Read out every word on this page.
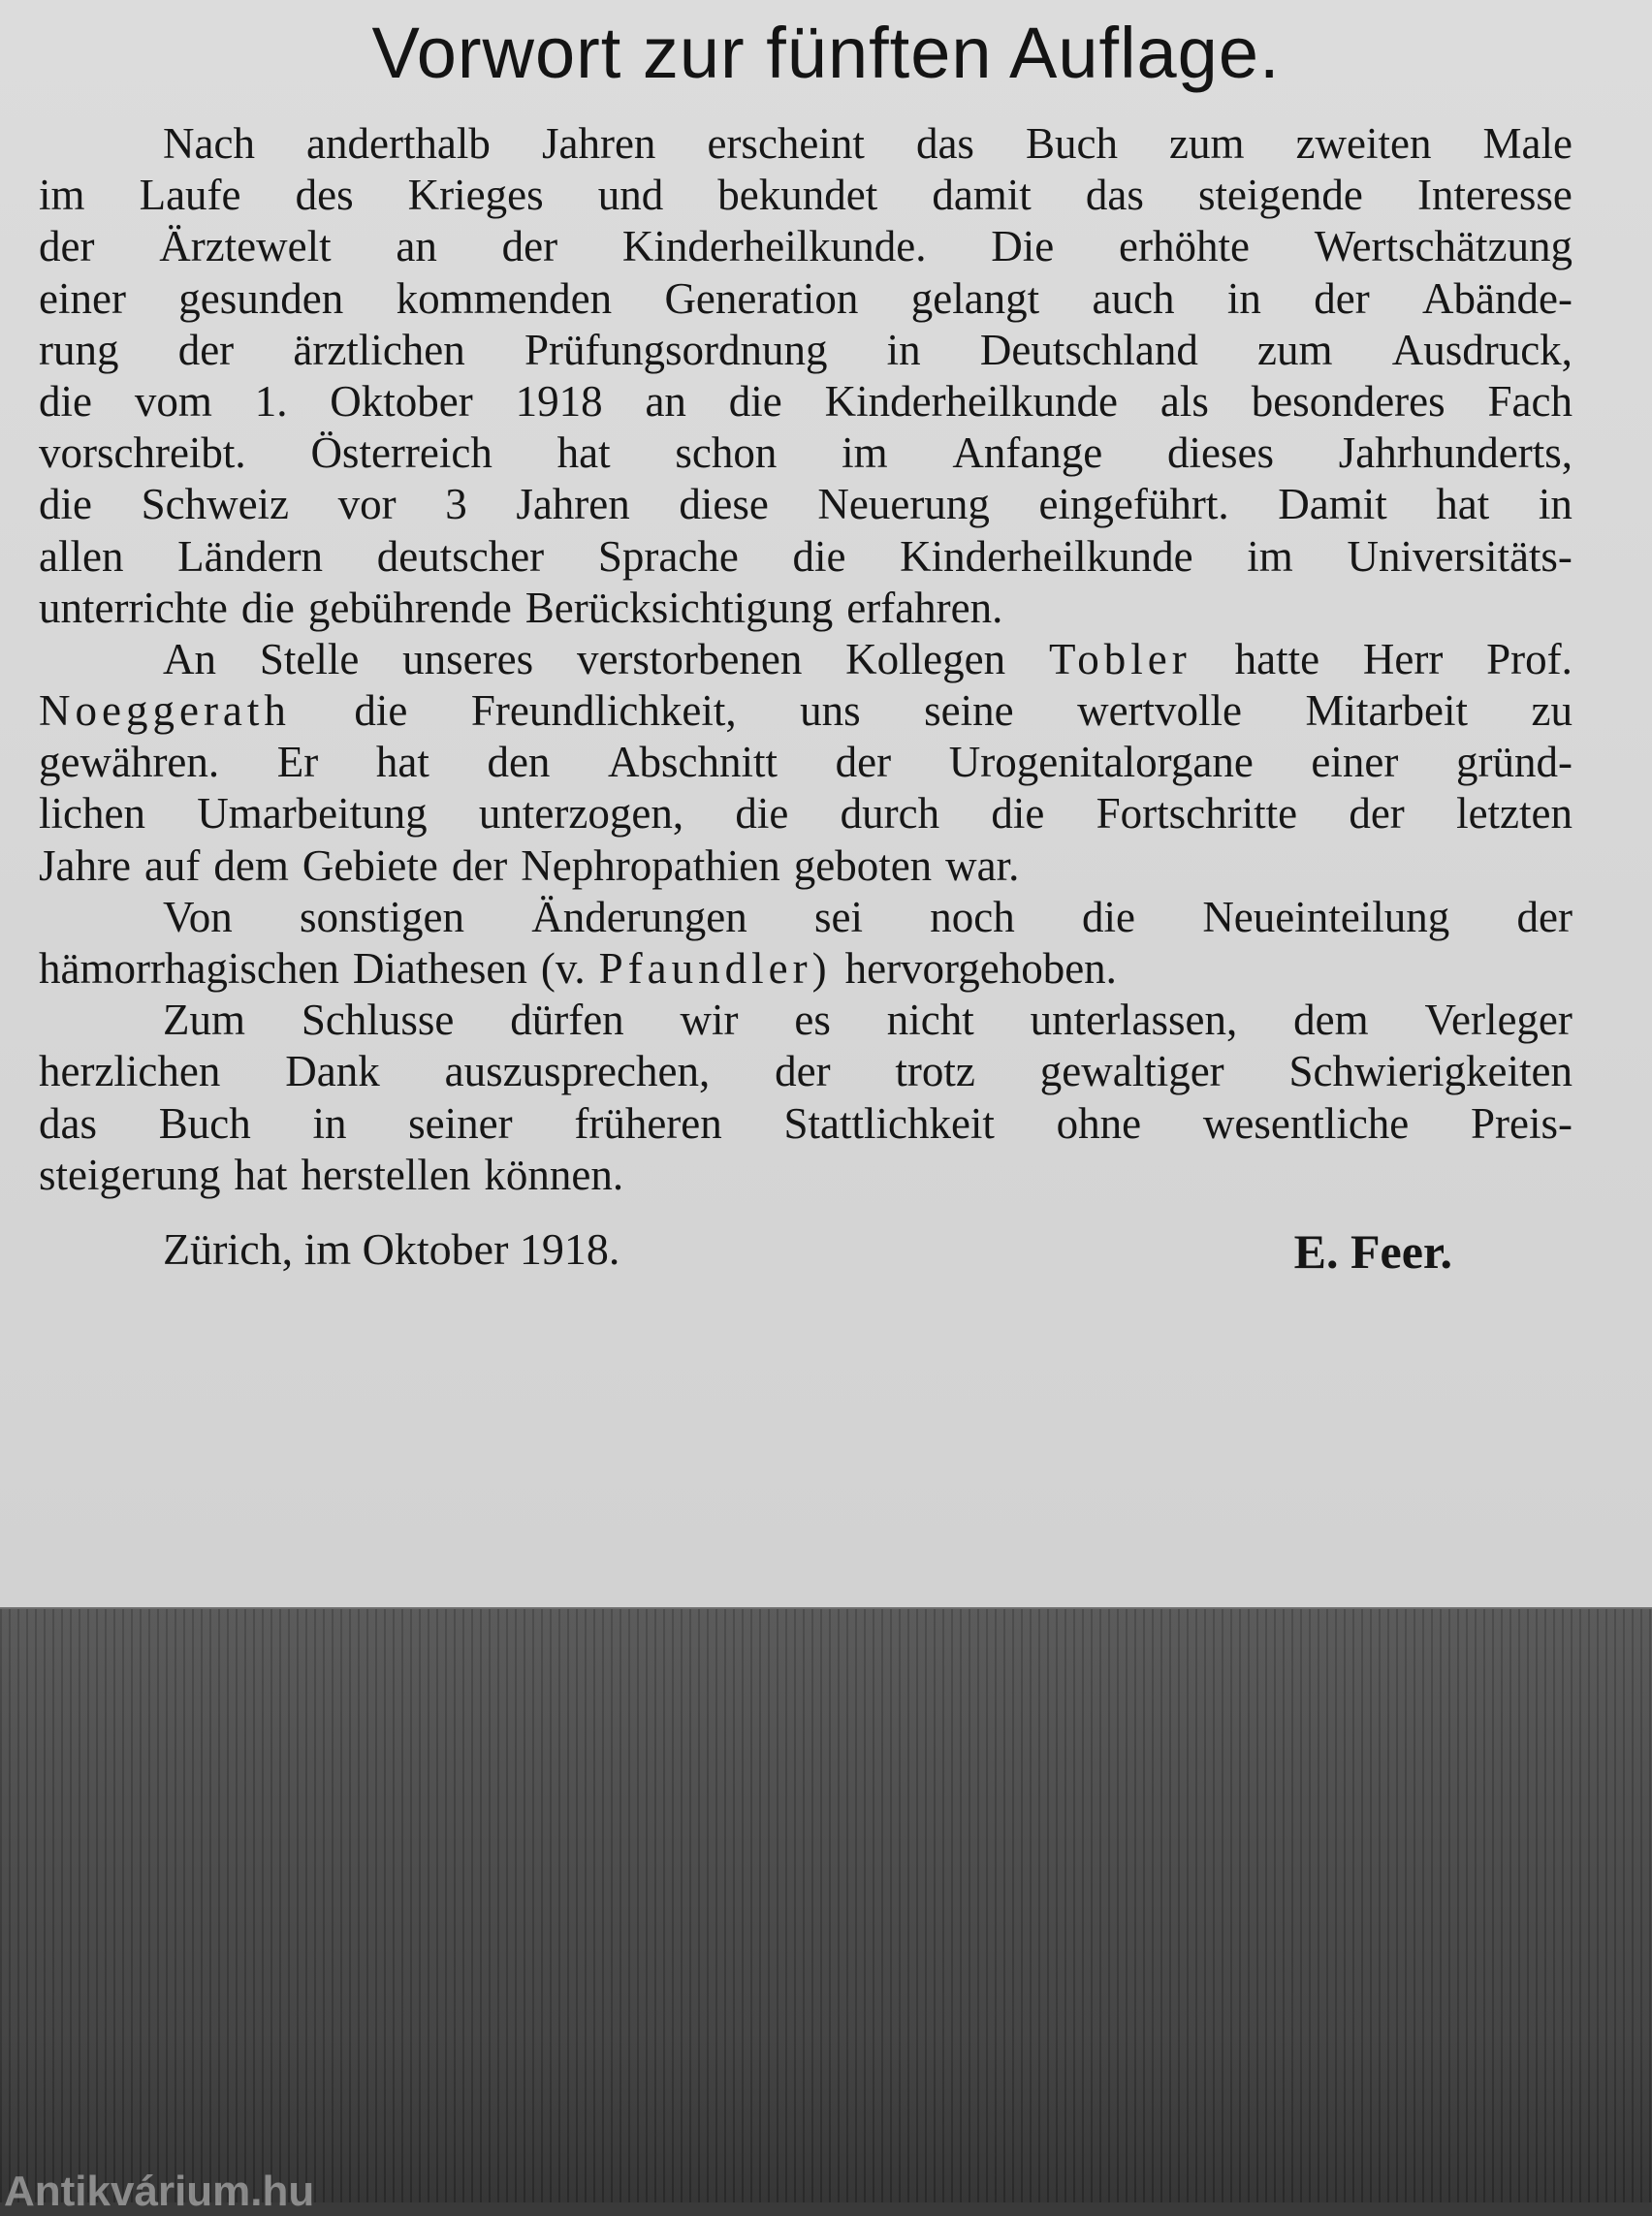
Vorwort zur fünften Auflage.
Nach anderthalb Jahren erscheint das Buch zum zweiten Male
im Laufe des Krieges und bekundet damit das steigende Interesse
der Ärztewelt an der Kinderheilkunde. Die erhöhte Wertschätzung
einer gesunden kommenden Generation gelangt auch in der Abände-
rung der ärztlichen Prüfungsordnung in Deutschland zum Ausdruck,
die vom 1. Oktober 1918 an die Kinderheilkunde als besonderes Fach
vorschreibt. Österreich hat schon im Anfange dieses Jahrhunderts,
die Schweiz vor 3 Jahren diese Neuerung eingeführt. Damit hat in
allen Ländern deutscher Sprache die Kinderheilkunde im Universitäts-
unterrichte die gebührende Berücksichtigung erfahren.
An Stelle unseres verstorbenen Kollegen Tobler hatte Herr Prof.
Noeggerath die Freundlichkeit, uns seine wertvolle Mitarbeit zu
gewähren. Er hat den Abschnitt der Urogenitalorgane einer gründ-
lichen Umarbeitung unterzogen, die durch die Fortschritte der letzten
Jahre auf dem Gebiete der Nephropathien geboten war.
Von sonstigen Änderungen sei noch die Neueinteilung der
hämorrhagischen Diathesen (v. Pfaundler) hervorgehoben.
Zum Schlusse dürfen wir es nicht unterlassen, dem Verleger
herzlichen Dank auszusprechen, der trotz gewaltiger Schwierigkeiten
das Buch in seiner früheren Stattlichkeit ohne wesentliche Preis-
steigerung hat herstellen können.
Zürich, im Oktober 1918.	E. Feer.
Antikvárium.hu
